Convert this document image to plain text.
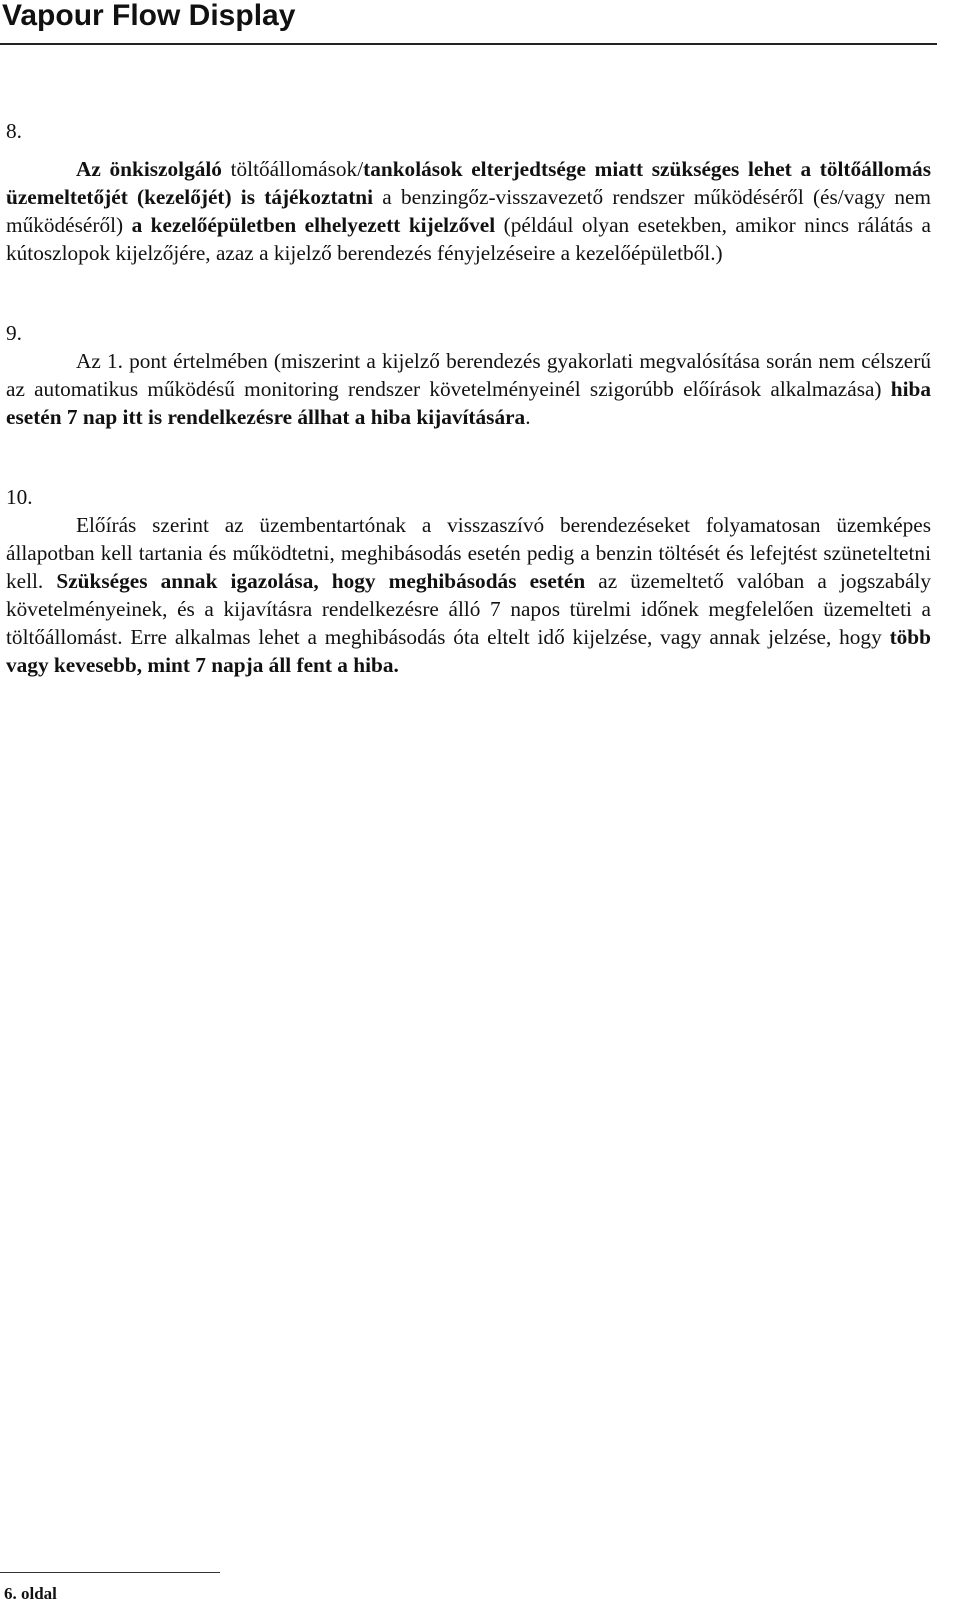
Vapour Flow Display
8.

Az önkiszolgáló töltőállomások/tankolások elterjedtsége miatt szükséges lehet a töltőállomás üzemeltetőjét (kezelőjét) is tájékoztatni a benzingőz-visszavezető rendszer működéséről (és/vagy nem működéséről) a kezelőépületben elhelyezett kijelzővel (például olyan esetekben, amikor nincs rálátás a kútoszlopok kijelzőjére, azaz a kijelző berendezés fényjelzéseire a kezelőépületből.)

9.

Az 1. pont értelmében (miszerint a kijelző berendezés gyakorlati megvalósítása során nem célszerű az automatikus működésű monitoring rendszer követelményeinél szigorúbb előírások alkalmazása) hiba esetén 7 nap itt is rendelkezésre állhat a hiba kijavítására.

10.

Előírás szerint az üzembentartónak a visszaszívó berendezéseket folyamatosan üzemképes állapotban kell tartania és működtetni, meghibásodás esetén pedig a benzin töltését és lefejtést szüneteltetni kell. Szükséges annak igazolása, hogy meghibásodás esetén az üzemeltető valóban a jogszabály követelményeinek, és a kijavításra rendelkezésre álló 7 napos türelmi időnek megfelelően üzemelteti a töltőállomást. Erre alkalmas lehet a meghibásodás óta eltelt idő kijelzése, vagy annak jelzése, hogy több vagy kevesebb, mint 7 napja áll fent a hiba.

6. oldal
